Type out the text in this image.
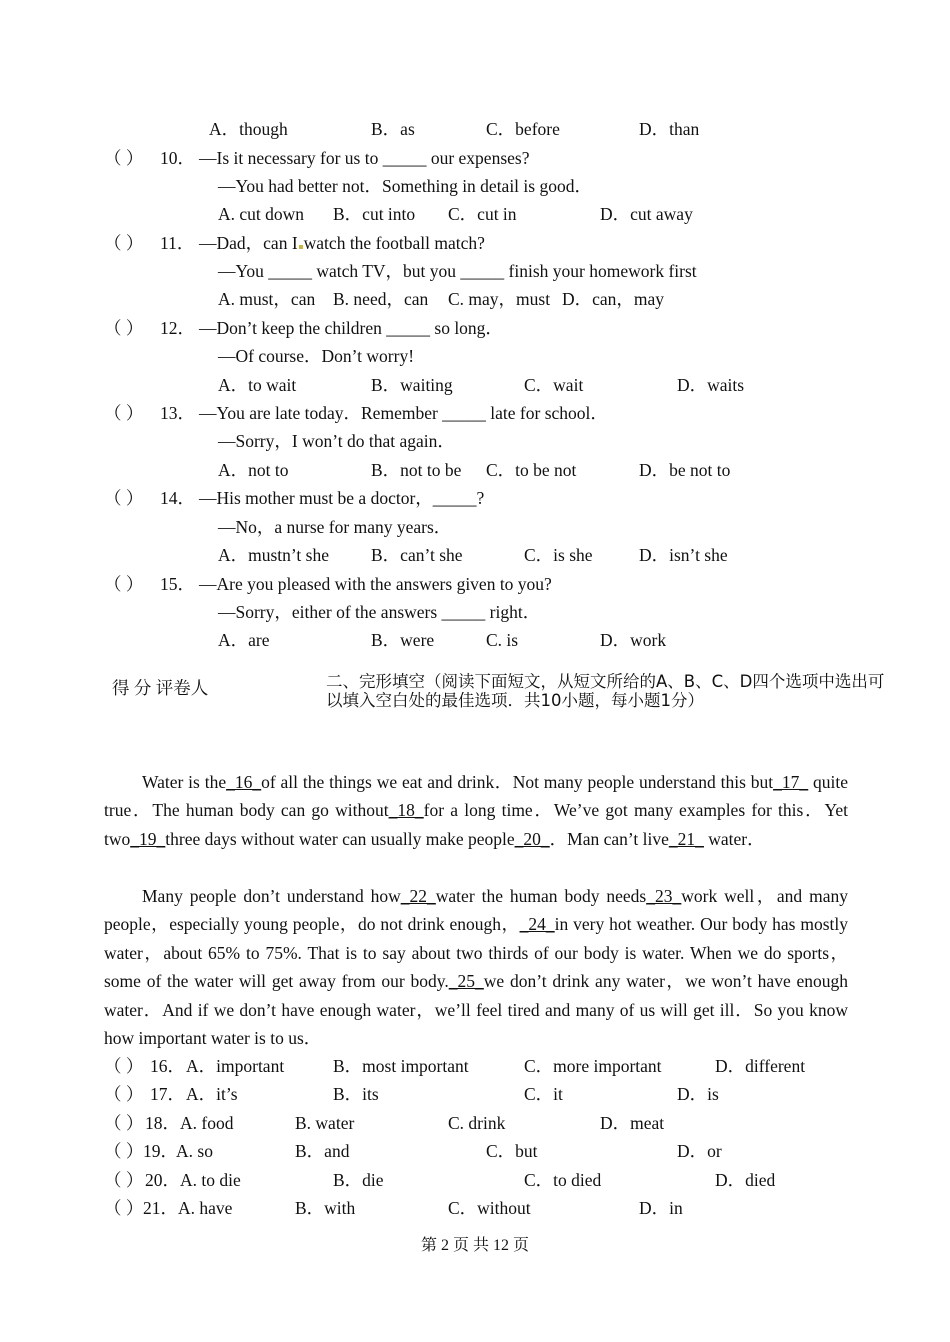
A．though	B．as	C．before	D．than
（ ） 10． —Is it necessary for us to _____ our expenses?
—You had better not．Something in detail is good．
A. cut down B．cut into C．cut in	D．cut away
（ ） 11． —Dad，can I watch the football match?
—You _____ watch TV，but you _____ finish your homework first
A. must，can B. need，can C. may，must D．can，may
（ ） 12． —Don’t keep the children _____ so long．
—Of course．Don’t worry!
A．to wait	B．waiting	C．wait	D．waits
（ ） 13． —You are late today．Remember _____ late for school．
—Sorry，I won’t do that again．
A．not to	B．not to be C．to be not	D．be not to
（ ） 14． —His mother must be a doctor，_____?
—No，a nurse for many years．
A．mustn’t she B．can’t she	C．is she	D．isn’t she
（ ） 15． —Are you pleased with the answers given to you?
—Sorry，either of the answers _____ right．
A．are	B．were	C. is	D．work
得 分 评卷人	二、完形填空（阅读下面短文，从短文所给的A、B、C、D四个选项中选出可以填入空白处的最佳选项．共10小题，每小题1分）
Water is the_16_of all the things we eat and drink．Not many people understand this but_17_ quite true．The human body can go without_18_for a long time．We’ve got many examples for this．Yet two_19_three days without water can usually make people_20_．Man can’t live_21_ water．
Many people don’t understand how_22_water the human body needs_23_work well，and many people，especially young people，do not drink enough，_24_in very hot weather. Our body has mostly water，about 65% to 75%. That is to say about two thirds of our body is water. When we do sports，some of the water will get away from our body._25_we don’t drink any water，we won’t have enough water．And if we don’t have enough water，we’ll feel tired and many of us will get ill．So you know how important water is to us．
（ ） 16． A．important	B．most important	C．more important	D．different
（ ） 17． A．it’s	B．its	C．it	D．is
（ ） 18． A. food	B. water	C. drink	D．meat
（ ） 19．
A. so	B．and	C．but	D．or
（ ） 20． A. to die	B．die	C．to died	D．died
（ ） 21． A. have	B．with	C．without	D．in
第 2 页 共 12 页
